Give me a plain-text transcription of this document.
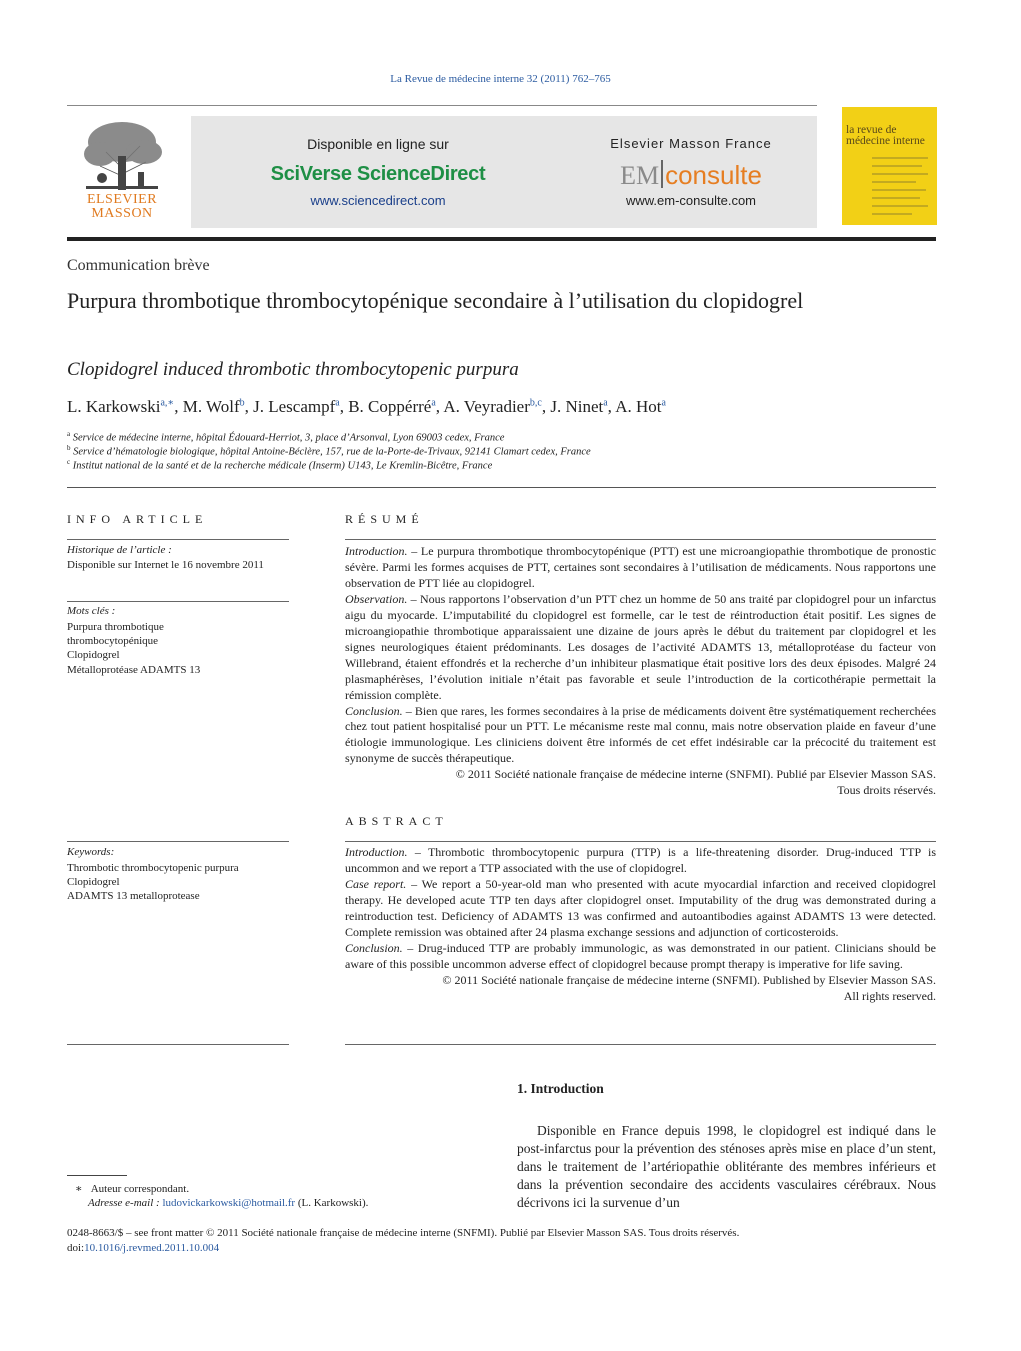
La Revue de médecine interne 32 (2011) 762–765
ELSEVIER
MASSON
Disponible en ligne sur
SciVerse ScienceDirect
www.sciencedirect.com
Elsevier Masson France
EM consulte
www.em-consulte.com
la revue de médecine interne
Communication brève
Purpura thrombotique thrombocytopénique secondaire à l’utilisation du clopidogrel
Clopidogrel induced thrombotic thrombocytopenic purpura
L. Karkowski$^{a,∗}$, M. Wolf$^b$, J. Lescampf$^a$, B. Coppérré$^a$, A. Veyradier$^{b,c}$, J. Ninet$^a$, A. Hot$^a$
$^a$ Service de médecine interne, hôpital Édouard-Herriot, 3, place d’Arsonval, Lyon 69003 cedex, France
$^b$ Service d’hématologie biologique, hôpital Antoine-Béclère, 157, rue de la-Porte-de-Trivaux, 92141 Clamart cedex, France
$^c$ Institut national de la santé et de la recherche médicale (Inserm) U143, Le Kremlin-Bicêtre, France
INFO ARTICLE
Historique de l’article :
Disponible sur Internet le 16 novembre 2011
Mots clés :
Purpura thrombotique
thrombocytopénique
Clopidogrel
Métalloprotéase ADAMTS 13
Keywords:
Thrombotic thrombocytopenic purpura
Clopidogrel
ADAMTS 13 metalloprotease
RÉSUMÉ
Introduction. – Le purpura thrombotique thrombocytopénique (PTT) est une microangiopathie thrombotique de pronostic sévère. Parmi les formes acquises de PTT, certaines sont secondaires à l’utilisation de médicaments. Nous rapportons une observation de PTT liée au clopidogrel.
Observation. – Nous rapportons l’observation d’un PTT chez un homme de 50 ans traité par clopidogrel pour un infarctus aigu du myocarde. L’imputabilité du clopidogrel est formelle, car le test de réintroduction était positif. Les signes de microangiopathie thrombotique apparaissaient une dizaine de jours après le début du traitement par clopidogrel et les signes neurologiques étaient prédominants. Les dosages de l’activité ADAMTS 13, métalloprotéase du facteur von Willebrand, étaient effondrés et la recherche d’un inhibiteur plasmatique était positive lors des deux épisodes. Malgré 24 plasmaphérèses, l’évolution initiale n’était pas favorable et seule l’introduction de la corticothérapie permettait la rémission complète.
Conclusion. – Bien que rares, les formes secondaires à la prise de médicaments doivent être systématiquement recherchées chez tout patient hospitalisé pour un PTT. Le mécanisme reste mal connu, mais notre observation plaide en faveur d’une étiologie immunologique. Les cliniciens doivent être informés de cet effet indésirable car la précocité du traitement est synonyme de succès thérapeutique.
© 2011 Société nationale française de médecine interne (SNFMI). Publié par Elsevier Masson SAS.
Tous droits réservés.
ABSTRACT
Introduction. – Thrombotic thrombocytopenic purpura (TTP) is a life-threatening disorder. Drug-induced TTP is uncommon and we report a TTP associated with the use of clopidogrel.
Case report. – We report a 50-year-old man who presented with acute myocardial infarction and received clopidogrel therapy. He developed acute TTP ten days after clopidogrel onset. Imputability of the drug was demonstrated during a reintroduction test. Deficiency of ADAMTS 13 was confirmed and autoantibodies against ADAMTS 13 were detected. Complete remission was obtained after 24 plasma exchange sessions and adjunction of corticosteroids.
Conclusion. – Drug-induced TTP are probably immunologic, as was demonstrated in our patient. Clinicians should be aware of this possible uncommon adverse effect of clopidogrel because prompt therapy is imperative for life saving.
© 2011 Société nationale française de médecine interne (SNFMI). Published by Elsevier Masson SAS.
All rights reserved.
1. Introduction
Disponible en France depuis 1998, le clopidogrel est indiqué dans le post-infarctus pour la prévention des sténoses après mise en place d’un stent, dans le traitement de l’artériopathie oblitérante des membres inférieurs et dans la prévention secondaire des accidents vasculaires cérébraux. Nous décrivons ici la survenue d’un
∗ Auteur correspondant.
Adresse e-mail : ludovickarkowski@hotmail.fr (L. Karkowski).
0248-8663/$ – see front matter © 2011 Société nationale française de médecine interne (SNFMI). Publié par Elsevier Masson SAS. Tous droits réservés.
doi:10.1016/j.revmed.2011.10.004
